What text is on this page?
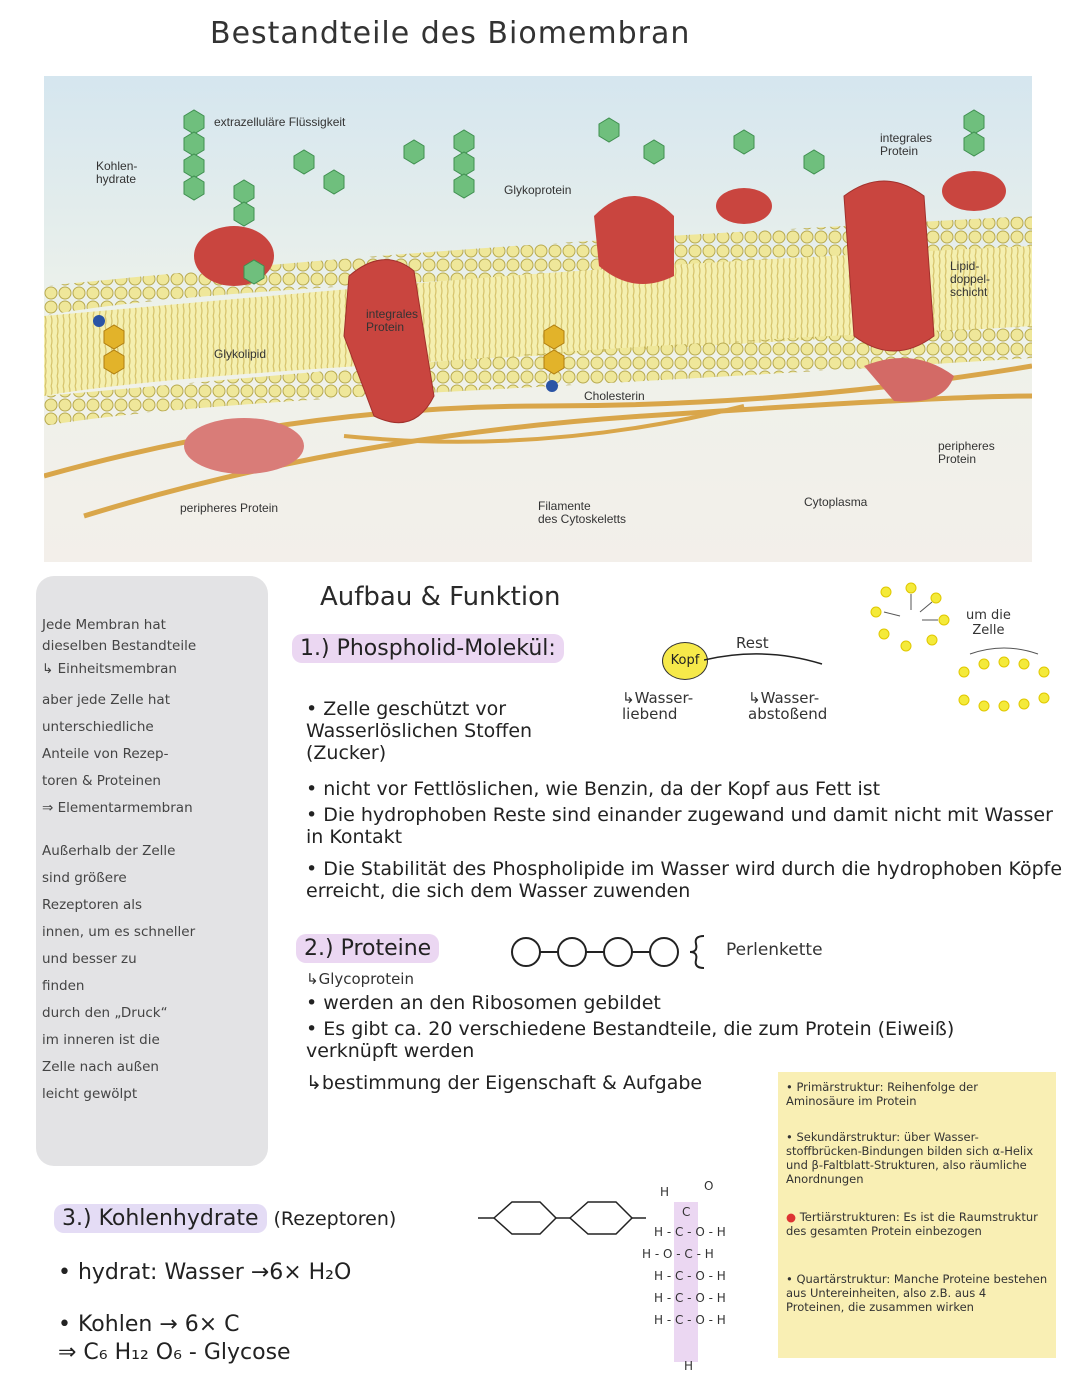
Bestandteile des Biomembran
Kohlen-
hydrate
extrazelluläre Flüssigkeit
Glykoprotein
integrales
Protein
Lipid-
doppel-
schicht
integrales
Protein
Glykolipid
Cholesterin
peripheres
Protein
peripheres Protein	Filamente
des Cytoskeletts
Cytoplasma
Jede Membran hat
dieselben Bestandteile
↳ Einheitsmembran
aber jede Zelle hat
unterschiedliche
Anteile von Rezep-
toren & Proteinen
⇒ Elementarmembran
Außerhalb der Zelle
sind größere
Rezeptoren als
innen, um es schneller
und besser zu
finden
durch den „Druck“
im inneren ist die
Zelle nach außen
leicht gewölpt
Aufbau & Funktion
1.) Phospholid-Molekül:	Kopf
Rest
↳Wasser-
liebend
↳Wasser-
abstoßend
um die
Zelle
• Zelle geschützt vor Wasserlöslichen Stoffen (Zucker)
• nicht vor Fettlöslichen, wie Benzin, da der Kopf aus Fett ist
• Die hydrophoben Reste sind einander zugewand und damit nicht mit Wasser in Kontakt
• Die Stabilität des Phospholipide im Wasser wird durch die hydrophoben Köpfe erreicht, die sich dem Wasser zuwenden
2.) Proteine	Perlenkette
↳Glycoprotein
• werden an den Ribosomen gebildet
• Es gibt ca. 20 verschiedene Bestandteile, die zum Protein (Eiweiß) verknüpft werden
↳bestimmung der Eigenschaft & Aufgabe	• Primärstruktur: Reihenfolge der Aminosäure im Protein
• Sekundärstruktur: über Wasser-stoffbrücken-Bindungen bilden sich α-Helix und β-Faltblatt-Strukturen, also räumliche Anordnungen
● Tertiärstrukturen: Es ist die Raumstruktur des gesamten Protein einbezogen
• Quartärstruktur: Manche Proteine bestehen aus Untereinheiten, also z.B. aus 4 Proteinen, die zusammen wirken
3.) Kohlenhydrate (Rezeptoren)
• hydrat: Wasser →6× H₂O
• Kohlen → 6× C
⇒ C₆ H₁₂ O₆ - Glycose
H	O
C
H - C - O - H
H - O - C - H
H - C - O - H
H - C - O - H
H - C - O - H
H
